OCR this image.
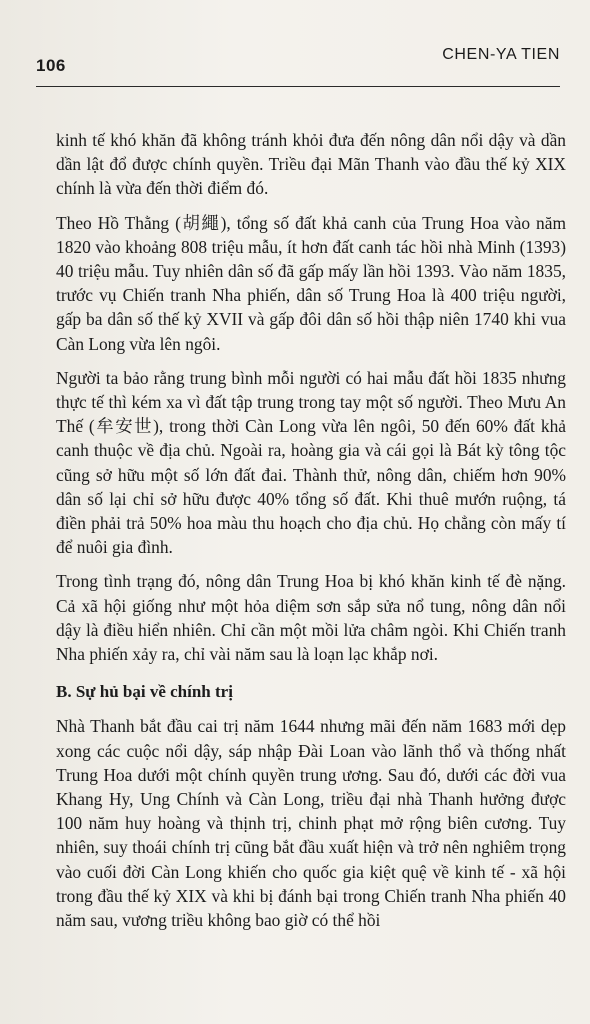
106
CHEN-YA TIEN

kinh tế khó khăn đã không tránh khỏi đưa đến nông dân nổi dậy và dần dần lật đổ được chính quyền. Triều đại Mãn Thanh vào đầu thế kỷ XIX chính là vừa đến thời điểm đó.

Theo Hồ Thằng (胡繩), tổng số đất khả canh của Trung Hoa vào năm 1820 vào khoảng 808 triệu mẫu, ít hơn đất canh tác hồi nhà Minh (1393) 40 triệu mẫu. Tuy nhiên dân số đã gấp mấy lần hồi 1393. Vào năm 1835, trước vụ Chiến tranh Nha phiến, dân số Trung Hoa là 400 triệu người, gấp ba dân số thế kỷ XVII và gấp đôi dân số hồi thập niên 1740 khi vua Càn Long vừa lên ngôi.

Người ta bảo rằng trung bình mỗi người có hai mẫu đất hồi 1835 nhưng thực tế thì kém xa vì đất tập trung trong tay một số người. Theo Mưu An Thế (牟安世), trong thời Càn Long vừa lên ngôi, 50 đến 60% đất khả canh thuộc về địa chủ. Ngoài ra, hoàng gia và cái gọi là Bát kỳ tông tộc cũng sở hữu một số lớn đất đai. Thành thử, nông dân, chiếm hơn 90% dân số lại chỉ sở hữu được 40% tổng số đất. Khi thuê mướn ruộng, tá điền phải trả 50% hoa màu thu hoạch cho địa chủ. Họ chẳng còn mấy tí để nuôi gia đình.

Trong tình trạng đó, nông dân Trung Hoa bị khó khăn kinh tế đè nặng. Cả xã hội giống như một hỏa diệm sơn sắp sửa nổ tung, nông dân nổi dậy là điều hiển nhiên. Chỉ cần một mồi lửa châm ngòi. Khi Chiến tranh Nha phiến xảy ra, chỉ vài năm sau là loạn lạc khắp nơi.

B. Sự hủ bại về chính trị

Nhà Thanh bắt đầu cai trị năm 1644 nhưng mãi đến năm 1683 mới dẹp xong các cuộc nổi dậy, sáp nhập Đài Loan vào lãnh thổ và thống nhất Trung Hoa dưới một chính quyền trung ương. Sau đó, dưới các đời vua Khang Hy, Ung Chính và Càn Long, triều đại nhà Thanh hưởng được 100 năm huy hoàng và thịnh trị, chinh phạt mở rộng biên cương. Tuy nhiên, suy thoái chính trị cũng bắt đầu xuất hiện và trở nên nghiêm trọng vào cuối đời Càn Long khiến cho quốc gia kiệt quệ về kinh tế - xã hội trong đầu thế kỷ XIX và khi bị đánh bại trong Chiến tranh Nha phiến 40 năm sau, vương triều không bao giờ có thể hồi
